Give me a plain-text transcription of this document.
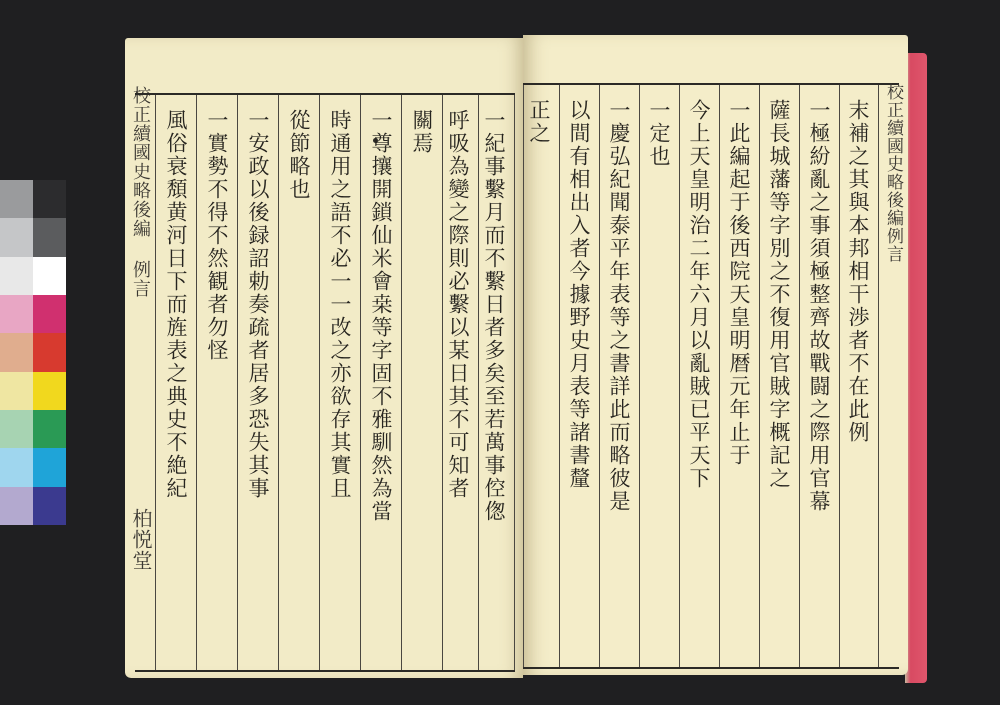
校正續國史略後編 例言
柏悦堂
風俗衰頽黄河日下而旌表之典史不絶紀 一實勢不得不然観者勿怪 一安政以後録詔勅奏疏者居多恐失其事 從節略也 時通用之語不必一一改之亦欲存其實且 一尊攘開鎖仙米會桒等字固不雅馴然為當 關焉 呼吸為變之際則必繫以某日其不可知者 一紀事繫月而不繫日者多矣至若萬事倥偬	正之 以間有相出入者今據野史月表等諸書釐 一慶弘紀聞泰平年表等之書詳此而略彼是 一定也 今上天皇明治二年六月以亂賊已平天下 一此編起于後西院天皇明暦元年止于 薩長城藩等字別之不復用官賊字概記之 一極紛亂之事須極整齊故戰闘之際用官幕 末補之其與本邦相干渉者不在此例 校正續國史略後編例言
